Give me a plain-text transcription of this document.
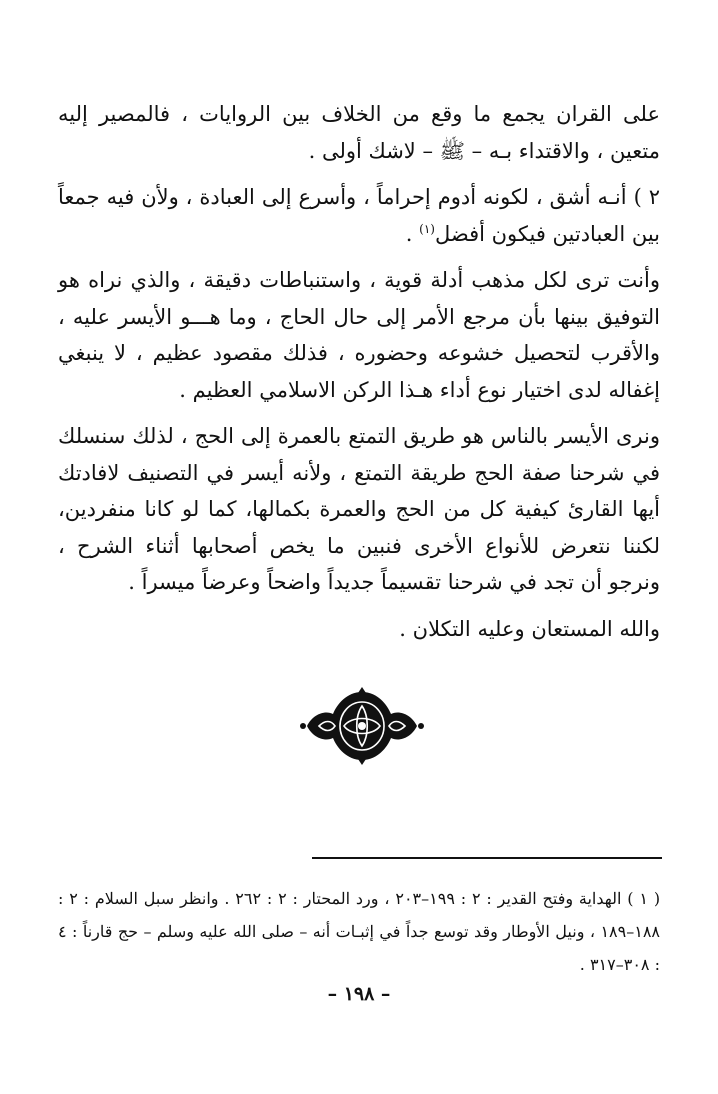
على القران يجمع ما وقع من الخلاف بين الروايات ، فالمصير إليه متعين ، والاقتداء بـه – ﷺ – لاشك أولى .

٢ ) أنـه أشق ، لكونه أدوم إحراماً ، وأسرع إلى العبادة ، ولأن فيه جمعاً بين العبادتين فيكون أفضل$^{(١)}$ .

وأنت ترى لكل مذهب أدلة قوية ، واستنباطات دقيقة ، والذي نراه هو التوفيق بينها بأن مرجع الأمر إلى حال الحاج ، وما هـــو الأيسر عليه ، والأقرب لتحصيل خشوعه وحضوره ، فذلك مقصود عظيم ، لا ينبغي إغفاله لدى اختيار نوع أداء هـذا الركن الاسلامي العظيم .

ونرى الأيسر بالناس هو طريق التمتع بالعمرة إلى الحج ، لذلك سنسلك في شرحنا صفة الحج طريقة التمتع ، ولأنه أيسر في التصنيف لافادتك أيها القارئ كيفية كل من الحج والعمرة بكمالها، كما لو كانا منفردين، لكننا نتعرض للأنواع الأخرى فنبين ما يخص أصحابها أثناء الشرح ، ونرجو أن تجد في شرحنا تقسيماً جديداً واضحاً وعرضاً ميسراً .

والله المستعان وعليه التكلان .

( ١ ) الهداية وفتح القدير : ٢ : ١٩٩–٢٠٣ ، ورد المحتار : ٢ : ٢٦٢ . وانظر سبل السلام : ٢ : ١٨٨–١٨٩ ، ونيل الأوطار وقد توسع جداً في إثبـات أنه – صلى الله عليه وسلم – حج قارناً : ٤ : ٣٠٨–٣١٧ .

– ١٩٨ –
